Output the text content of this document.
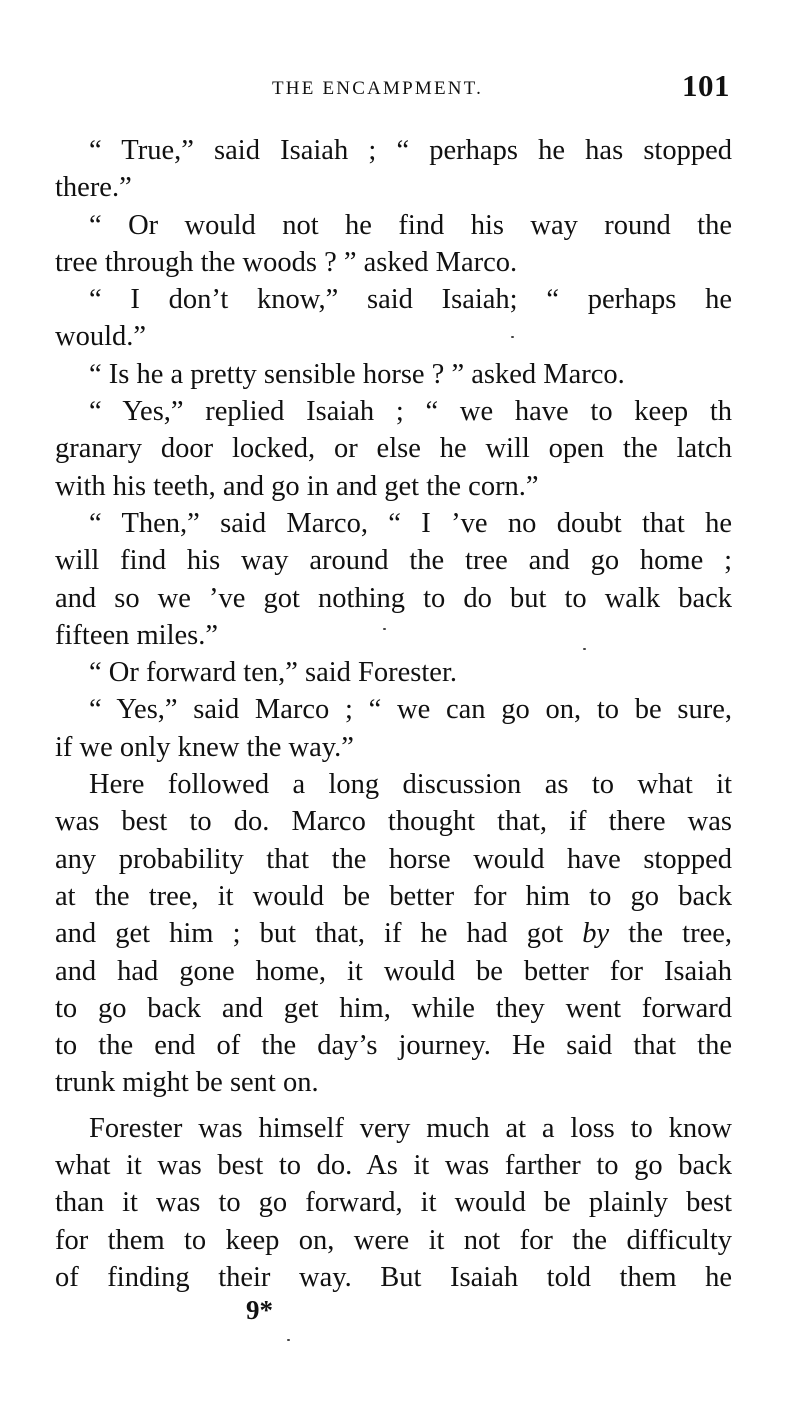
THE ENCAMPMENT.	101
“ True,” said Isaiah ; “ perhaps he has stopped
there.”
“ Or would not he find his way round the
tree through the woods ? ” asked Marco.
“ I don’t know,” said Isaiah; “ perhaps he
would.”
“ Is he a pretty sensible horse ? ” asked Marco.
“ Yes,” replied Isaiah ; “ we have to keep th
granary door locked, or else he will open the latch
with his teeth, and go in and get the corn.”
“ Then,” said Marco, “ I ’ve no doubt that he
will find his way around the tree and go home ;
and so we ’ve got nothing to do but to walk back
fifteen miles.”
“ Or forward ten,” said Forester.
“ Yes,” said Marco ; “ we can go on, to be sure,
if we only knew the way.”
Here followed a long discussion as to what it
was best to do. Marco thought that, if there was
any probability that the horse would have stopped
at the tree, it would be better for him to go back
and get him ; but that, if he had got by the tree,
and had gone home, it would be better for Isaiah
to go back and get him, while they went forward
to the end of the day’s journey. He said that the
trunk might be sent on.
Forester was himself very much at a loss to know
what it was best to do. As it was farther to go back
than it was to go forward, it would be plainly best
for them to keep on, were it not for the difficulty
of finding their way. But Isaiah told them he
9*
